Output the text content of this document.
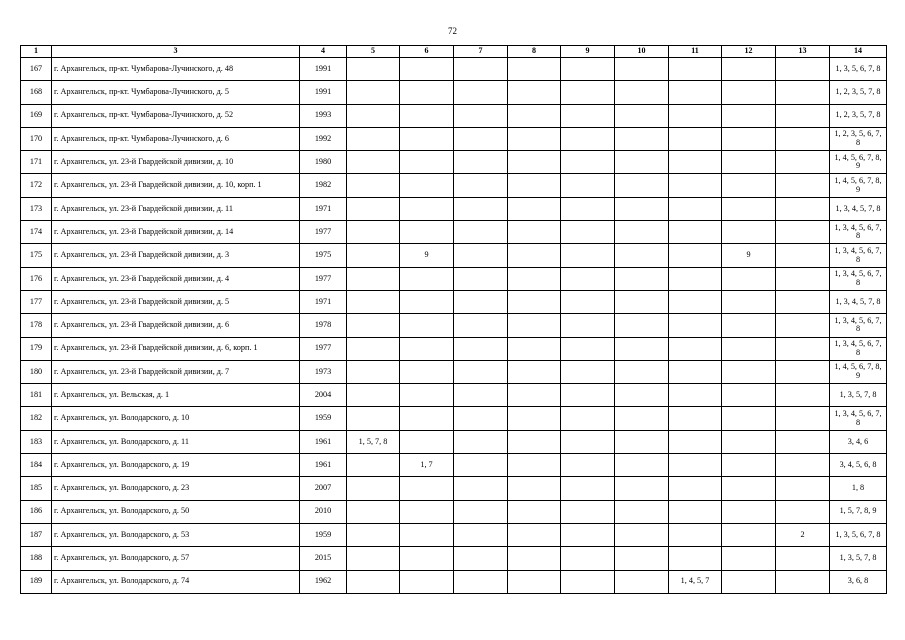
72
1	3	4	5	6	7	8	9	10	11	12	13	14
167	г. Архангельск, пр-кт. Чумбарова-Лучинского, д. 48	1991										1, 3, 5, 6, 7, 8
168	г. Архангельск, пр-кт. Чумбарова-Лучинского, д. 5	1991										1, 2, 3, 5, 7, 8
169	г. Архангельск, пр-кт. Чумбарова-Лучинского, д. 52	1993										1, 2, 3, 5, 7, 8
170	г. Архангельск, пр-кт. Чумбарова-Лучинского, д. 6	1992										1, 2, 3, 5, 6, 7, 8
171	г. Архангельск, ул. 23-й Гвардейской дивизии, д. 10	1980										1, 4, 5, 6, 7, 8, 9
172	г. Архангельск, ул. 23-й Гвардейской дивизии, д. 10, корп. 1	1982										1, 4, 5, 6, 7, 8, 9
173	г. Архангельск, ул. 23-й Гвардейской дивизии, д. 11	1971										1, 3, 4, 5, 7, 8
174	г. Архангельск, ул. 23-й Гвардейской дивизии, д. 14	1977										1, 3, 4, 5, 6, 7, 8
175	г. Архангельск, ул. 23-й Гвардейской дивизии, д. 3	1975		9						9		1, 3, 4, 5, 6, 7, 8
176	г. Архангельск, ул. 23-й Гвардейской дивизии, д. 4	1977										1, 3, 4, 5, 6, 7, 8
177	г. Архангельск, ул. 23-й Гвардейской дивизии, д. 5	1971										1, 3, 4, 5, 7, 8
178	г. Архангельск, ул. 23-й Гвардейской дивизии, д. 6	1978										1, 3, 4, 5, 6, 7, 8
179	г. Архангельск, ул. 23-й Гвардейской дивизии, д. 6, корп. 1	1977										1, 3, 4, 5, 6, 7, 8
180	г. Архангельск, ул. 23-й Гвардейской дивизии, д. 7	1973										1, 4, 5, 6, 7, 8, 9
181	г. Архангельск, ул. Вельская, д. 1	2004										1, 3, 5, 7, 8
182	г. Архангельск, ул. Володарского, д. 10	1959										1, 3, 4, 5, 6, 7, 8
183	г. Архангельск, ул. Володарского, д. 11	1961	1, 5, 7, 8									3, 4, 6
184	г. Архангельск, ул. Володарского, д. 19	1961		1, 7								3, 4, 5, 6, 8
185	г. Архангельск, ул. Володарского, д. 23	2007										1, 8
186	г. Архангельск, ул. Володарского, д. 50	2010										1, 5, 7, 8, 9
187	г. Архангельск, ул. Володарского, д. 53	1959									2	1, 3, 5, 6, 7, 8
188	г. Архангельск, ул. Володарского, д. 57	2015										1, 3, 5, 7, 8
189	г. Архангельск, ул. Володарского, д. 74	1962							1, 4, 5, 7			3, 6, 8
